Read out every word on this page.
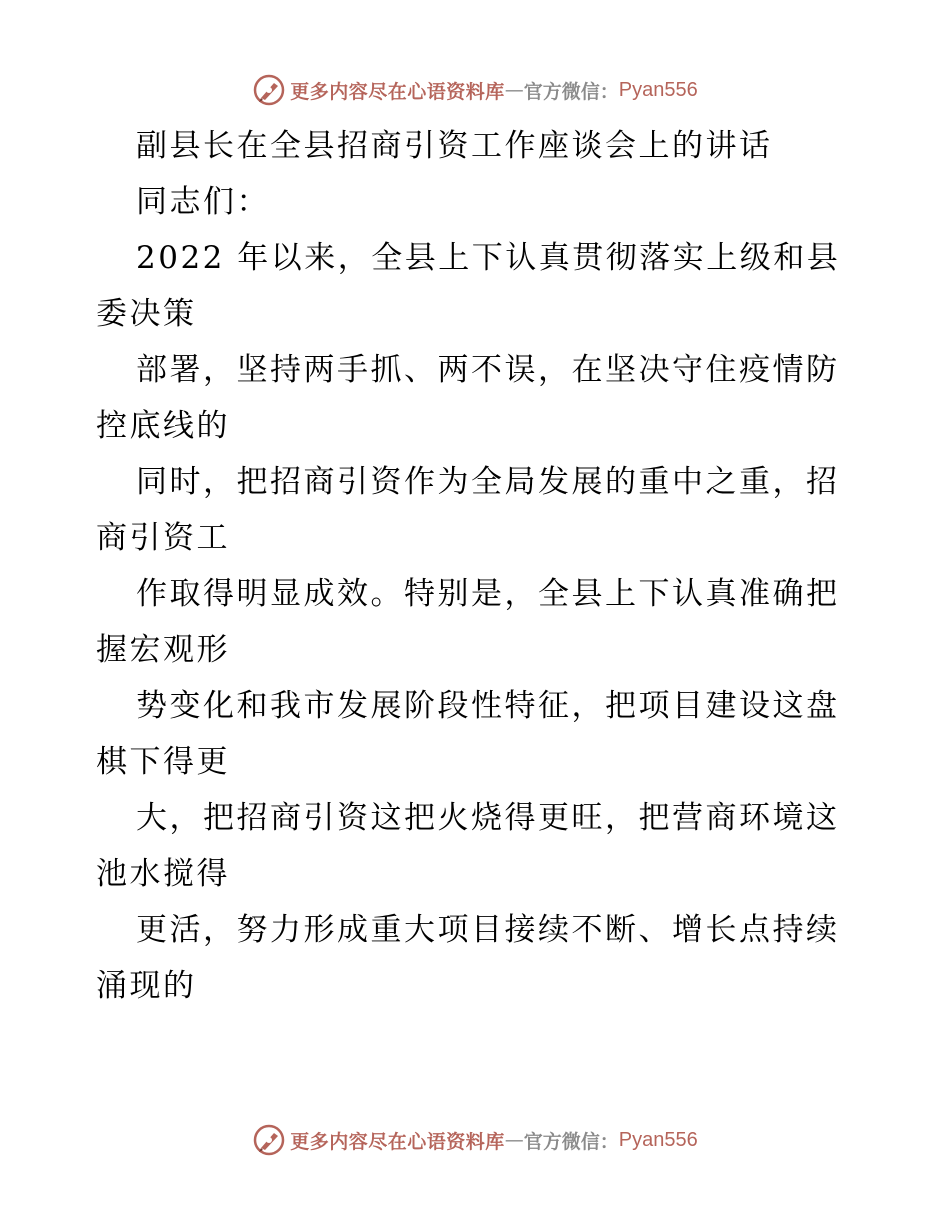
更多内容尽在心语资料库 — 官方微信： Pyan556
副县长在全县招商引资工作座谈会上的讲话
同志们：
2022 年以来，全县上下认真贯彻落实上级和县
委决策
部署，坚持两手抓、两不误，在坚决守住疫情防
控底线的
同时，把招商引资作为全局发展的重中之重，招
商引资工
作取得明显成效。特别是，全县上下认真准确把
握宏观形
势变化和我市发展阶段性特征，把项目建设这盘
棋下得更
大，把招商引资这把火烧得更旺，把营商环境这
池水搅得
更活，努力形成重大项目接续不断、增长点持续
涌现的
更多内容尽在心语资料库 — 官方微信： Pyan556
